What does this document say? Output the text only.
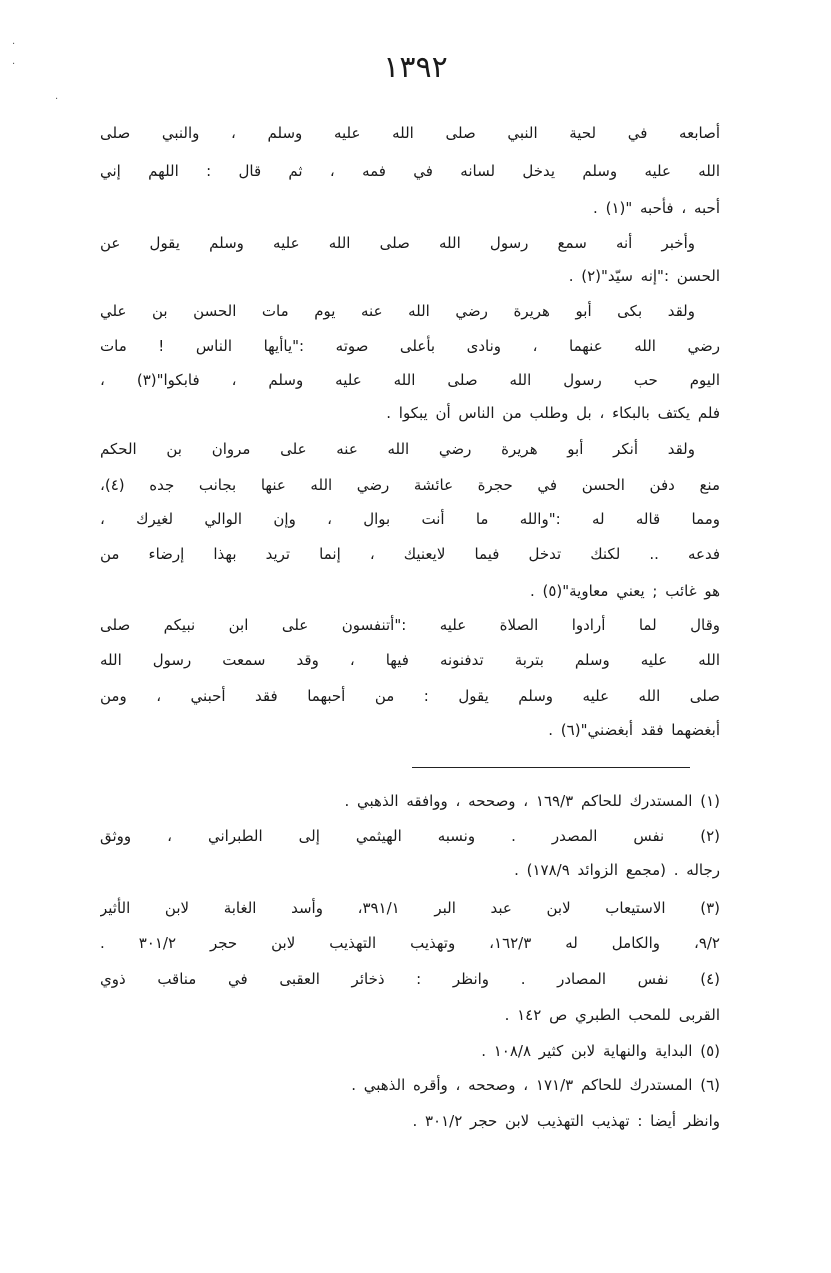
·
·
·
١٣٩٢
أصابعه في لحية النبي صلى الله عليه وسلم ، والنبي صلى
الله عليه وسلم يدخل لسانه في فمه ، ثم قال : اللهم إني
أحبه ، فأحبه "(١) .
وأخبر أنه سمع رسول الله صلى الله عليه وسلم يقول عن
الحسن :"إنه سيّد"(٢) .
ولقد بكى أبو هريرة رضي الله عنه يوم مات الحسن بن علي
رضي الله عنهما ، ونادى بأعلى صوته :"ياأيها الناس ! مات
اليوم حب رسول الله صلى الله عليه وسلم ، فابكوا"(٣) ،
فلم يكتف بالبكاء ، بل وطلب من الناس أن يبكوا .
ولقد أنكر أبو هريرة رضي الله عنه على مروان بن الحكم
منع دفن الحسن في حجرة عائشة رضي الله عنها بجانب جده (٤)،
ومما قاله له :"والله ما أنت بوال ، وإن الوالي لغيرك ،
فدعه .. لكنك تدخل فيما لايعنيك ، إنما تريد بهذا إرضاء من
هو غائب ; يعني معاوية"(٥) .
وقال لما أرادوا الصلاة عليه :"أتنفسون على ابن نبيكم صلى
الله عليه وسلم بتربة تدفنونه فيها ، وقد سمعت رسول الله
صلى الله عليه وسلم يقول : من أحبهما فقد أحبني ، ومن
أبغضهما فقد أبغضني"(٦) .
(١) المستدرك للحاكم ١٦٩/٣ ، وصححه ، ووافقه الذهبي .
(٢) نفس المصدر . ونسبه الهيثمي إلى الطبراني ، ووثق
رجاله . (مجمع الزوائد ١٧٨/٩) .
(٣) الاستيعاب لابن عبد البر ٣٩١/١، وأسد الغابة لابن الأثير
٩/٢، والكامل له ١٦٢/٣، وتهذيب التهذيب لابن حجر ٣٠١/٢ .
(٤) نفس المصادر . وانظر : ذخائر العقبى في مناقب ذوي
القربى للمحب الطبري ص ١٤٢ .
(٥) البداية والنهاية لابن كثير ١٠٨/٨ .
(٦) المستدرك للحاكم ١٧١/٣ ، وصححه ، وأقره الذهبي .
وانظر أيضا : تهذيب التهذيب لابن حجر ٣٠١/٢ .
